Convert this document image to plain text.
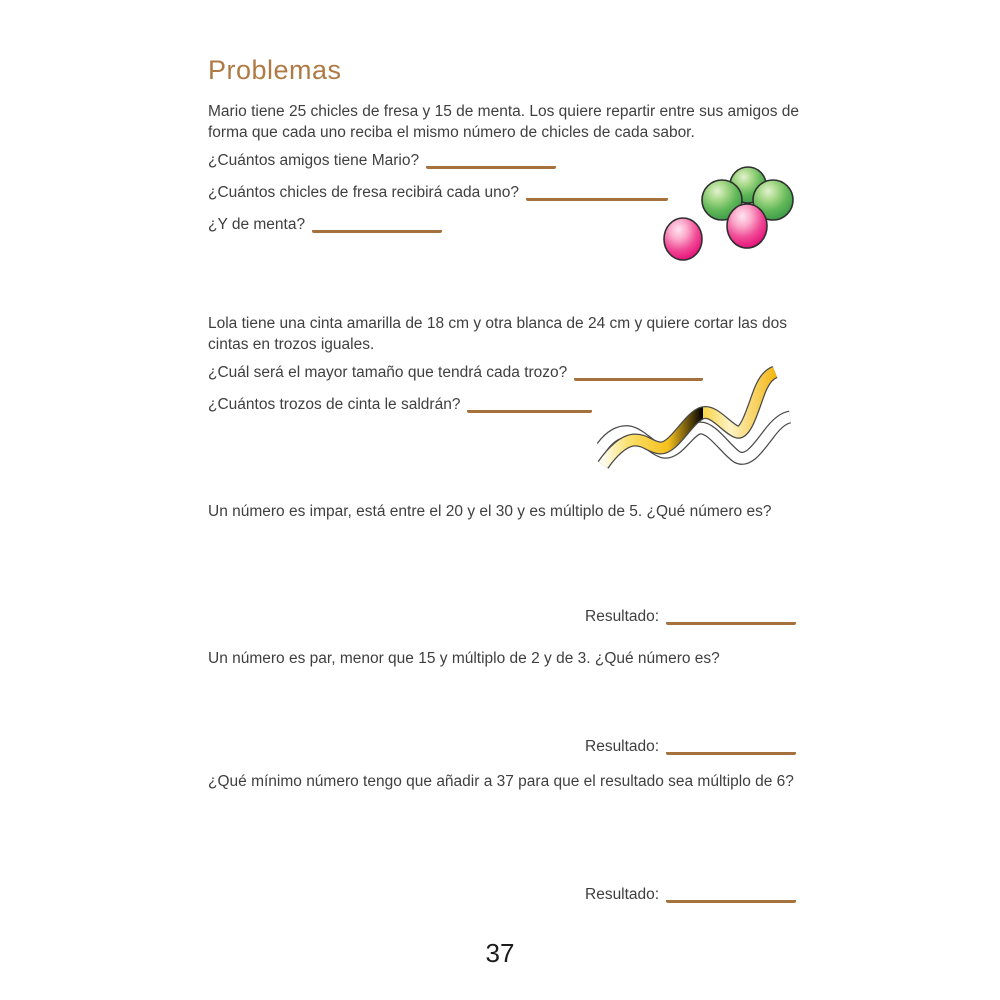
Problemas
Mario tiene 25 chicles de fresa y 15 de menta. Los quiere repartir entre sus amigos de
forma que cada uno reciba el mismo número de chicles de cada sabor.
¿Cuántos amigos tiene Mario?
¿Cuántos chicles de fresa recibirá cada uno?
¿Y de menta?
Lola tiene una cinta amarilla de 18 cm y otra blanca de 24 cm y quiere cortar las dos
cintas en trozos iguales.
¿Cuál será el mayor tamaño que tendrá cada trozo?
¿Cuántos trozos de cinta le saldrán?
Un número es impar, está entre el 20 y el 30 y es múltiplo de 5. ¿Qué número es?
Resultado:
Un número es par, menor que 15 y múltiplo de 2 y de 3. ¿Qué número es?
Resultado:
¿Qué mínimo número tengo que añadir a 37 para que el resultado sea múltiplo de 6?
Resultado:
37
